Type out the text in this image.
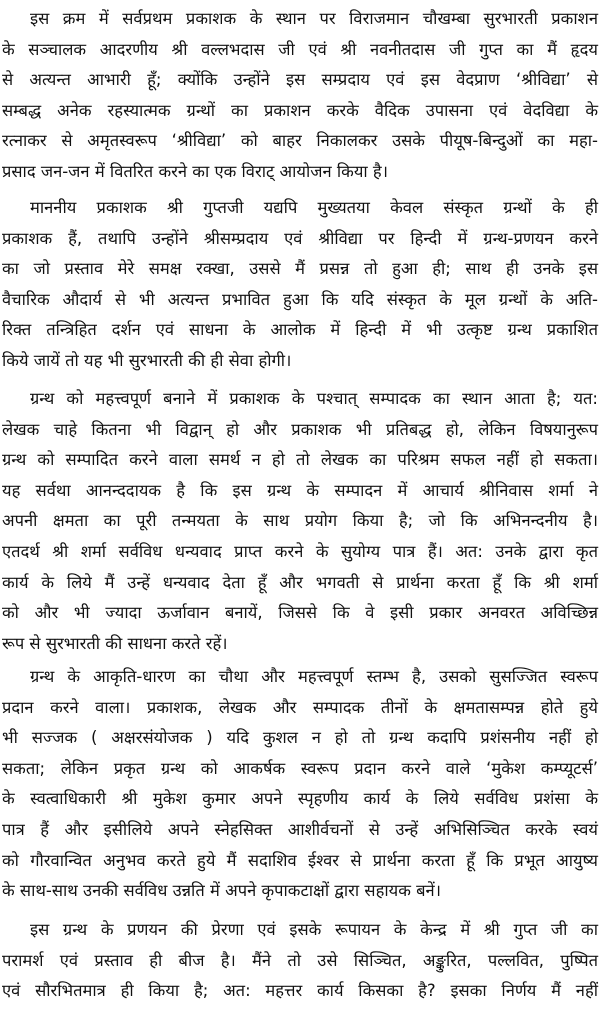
इस क्रम में सर्वप्रथम प्रकाशक के स्थान पर विराजमान चौखम्बा सुरभारती प्रकाशन
के सञ्चालक आदरणीय श्री वल्लभदास जी एवं श्री नवनीतदास जी गुप्त का मैं हृदय
से अत्यन्त आभारी हूँ; क्योंकि उन्होंने इस सम्प्रदाय एवं इस वेदप्राण ‘श्रीविद्या’ से
सम्बद्ध अनेक रहस्यात्मक ग्रन्थों का प्रकाशन करके वैदिक उपासना एवं वेदविद्या के
रत्नाकर से अमृतस्वरूप ‘श्रीविद्या’ को बाहर निकालकर उसके पीयूष-बिन्दुओं का महा-
प्रसाद जन-जन में वितरित करने का एक विराट् आयोजन किया है।
माननीय प्रकाशक श्री गुप्तजी यद्यपि मुख्यतया केवल संस्कृत ग्रन्थों के ही
प्रकाशक हैं, तथापि उन्होंने श्रीसम्प्रदाय एवं श्रीविद्या पर हिन्दी में ग्रन्थ-प्रणयन करने
का जो प्रस्ताव मेरे समक्ष रक्खा, उससे मैं प्रसन्न तो हुआ ही; साथ ही उनके इस
वैचारिक औदार्य से भी अत्यन्त प्रभावित हुआ कि यदि संस्कृत के मूल ग्रन्थों के अति-
रिक्त तन्त्रिहित दर्शन एवं साधना के आलोक में हिन्दी में भी उत्कृष्ट ग्रन्थ प्रकाशित
किये जायें तो यह भी सुरभारती की ही सेवा होगी।
ग्रन्थ को महत्त्वपूर्ण बनाने में प्रकाशक के पश्चात् सम्पादक का स्थान आता है; यत:
लेखक चाहे कितना भी विद्वान् हो और प्रकाशक भी प्रतिबद्ध हो, लेकिन विषयानुरूप
ग्रन्थ को सम्पादित करने वाला समर्थ न हो तो लेखक का परिश्रम सफल नहीं हो सकता।
यह सर्वथा आनन्ददायक है कि इस ग्रन्थ के सम्पादन में आचार्य श्रीनिवास शर्मा ने
अपनी क्षमता का पूरी तन्मयता के साथ प्रयोग किया है; जो कि अभिनन्दनीय है।
एतदर्थ श्री शर्मा सर्वविध धन्यवाद प्राप्त करने के सुयोग्य पात्र हैं। अत: उनके द्वारा कृत
कार्य के लिये मैं उन्हें धन्यवाद देता हूँ और भगवती से प्रार्थना करता हूँ कि श्री शर्मा
को और भी ज्यादा ऊर्जावान बनायें, जिससे कि वे इसी प्रकार अनवरत अविच्छिन्न
रूप से सुरभारती की साधना करते रहें।
ग्रन्थ के आकृति-धारण का चौथा और महत्त्वपूर्ण स्तम्भ है, उसको सुसज्जित स्वरूप
प्रदान करने वाला। प्रकाशक, लेखक और सम्पादक तीनों के क्षमतासम्पन्न होते हुये
भी सज्जक ( अक्षरसंयोजक ) यदि कुशल न हो तो ग्रन्थ कदापि प्रशंसनीय नहीं हो
सकता; लेकिन प्रकृत ग्रन्थ को आकर्षक स्वरूप प्रदान करने वाले ‘मुकेश कम्प्यूटर्स’
के स्वत्वाधिकारी श्री मुकेश कुमार अपने स्पृहणीय कार्य के लिये सर्वविध प्रशंसा के
पात्र हैं और इसीलिये अपने स्नेहसिक्त आशीर्वचनों से उन्हें अभिसिञ्चित करके स्वयं
को गौरवान्वित अनुभव करते हुये मैं सदाशिव ईश्वर से प्रार्थना करता हूँ कि प्रभूत आयुष्य
के साथ-साथ उनकी सर्वविध उन्नति में अपने कृपाकटाक्षों द्वारा सहायक बनें।
इस ग्रन्थ के प्रणयन की प्रेरणा एवं इसके रूपायन के केन्द्र में श्री गुप्त जी का
परामर्श एवं प्रस्ताव ही बीज है। मैंने तो उसे सिञ्चित, अङ्कुरित, पल्लवित, पुष्पित
एवं सौरभितमात्र ही किया है; अत: महत्तर कार्य किसका है? इसका निर्णय मैं नहीं
